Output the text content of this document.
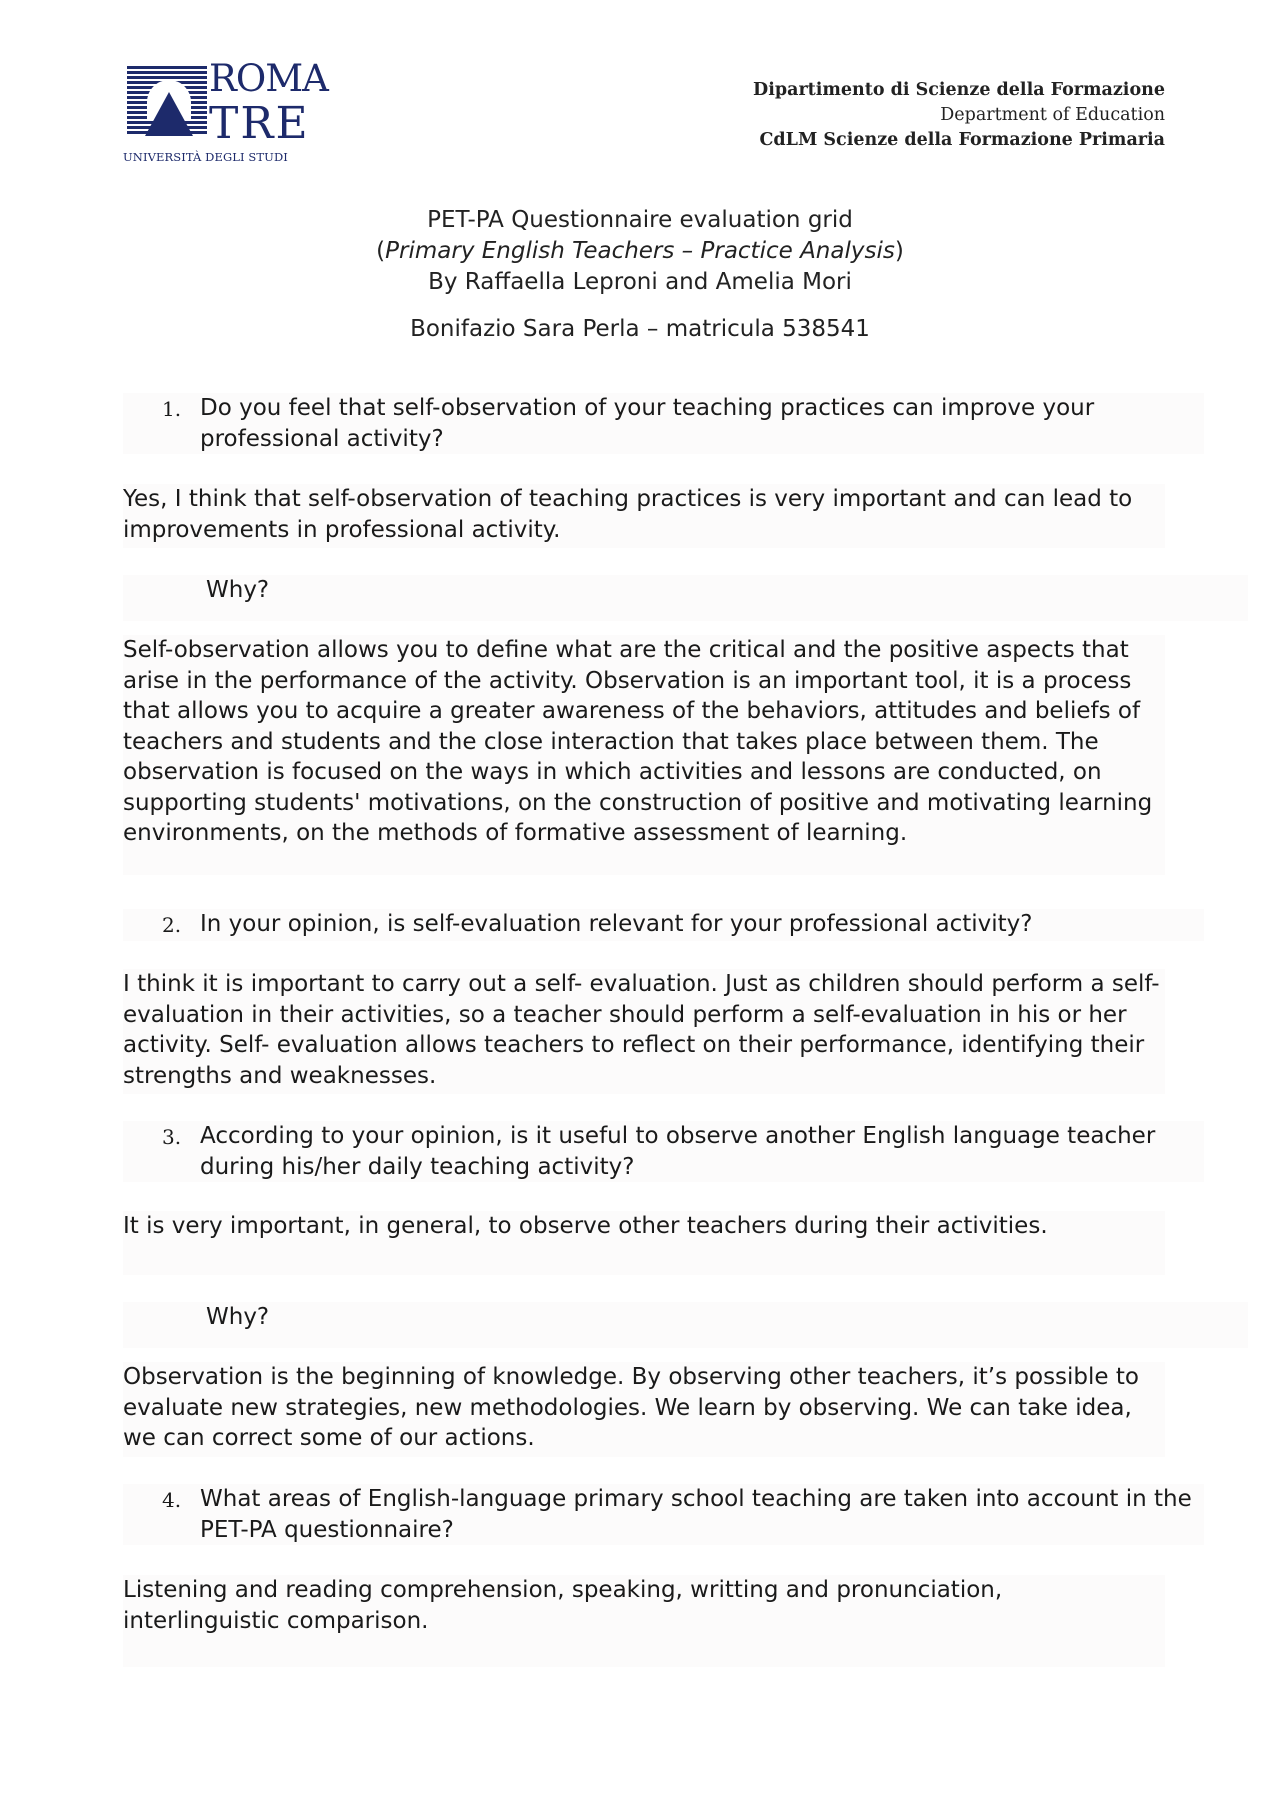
ROMA
TRE
UNIVERSITÀ DEGLI STUDI
Dipartimento di Scienze della Formazione
Department of Education
CdLM Scienze della Formazione Primaria
PET-PA Questionnaire evaluation grid
(Primary English Teachers – Practice Analysis)
By Raffaella Leproni and Amelia Mori
Bonifazio Sara Perla – matricula 538541
1. Do you feel that self-observation of your teaching practices can improve your professional activity?
Yes, I think that self-observation of teaching practices is very important and can lead to improvements in professional activity.
Why?
Self-observation allows you to define what are the critical and the positive aspects that arise in the performance of the activity. Observation is an important tool, it is a process that allows you to acquire a greater awareness of the behaviors, attitudes and beliefs of teachers and students and the close interaction that takes place between them. The observation is focused on the ways in which activities and lessons are conducted, on supporting students' motivations, on the construction of positive and motivating learning environments, on the methods of formative assessment of learning.
2. In your opinion, is self-evaluation relevant for your professional activity?
I think it is important to carry out a self- evaluation. Just as children should perform a self- evaluation in their activities, so a teacher should perform a self-evaluation in his or her activity. Self- evaluation allows teachers to reflect on their performance, identifying their strengths and weaknesses.
3. According to your opinion, is it useful to observe another English language teacher during his/her daily teaching activity?
It is very important, in general, to observe other teachers during their activities.
Why?
Observation is the beginning of knowledge. By observing other teachers, it’s possible to evaluate new strategies, new methodologies. We learn by observing. We can take idea, we can correct some of our actions.
4. What areas of English-language primary school teaching are taken into account in the PET-PA questionnaire?
Listening and reading comprehension, speaking, writting and pronunciation, interlinguistic comparison.
